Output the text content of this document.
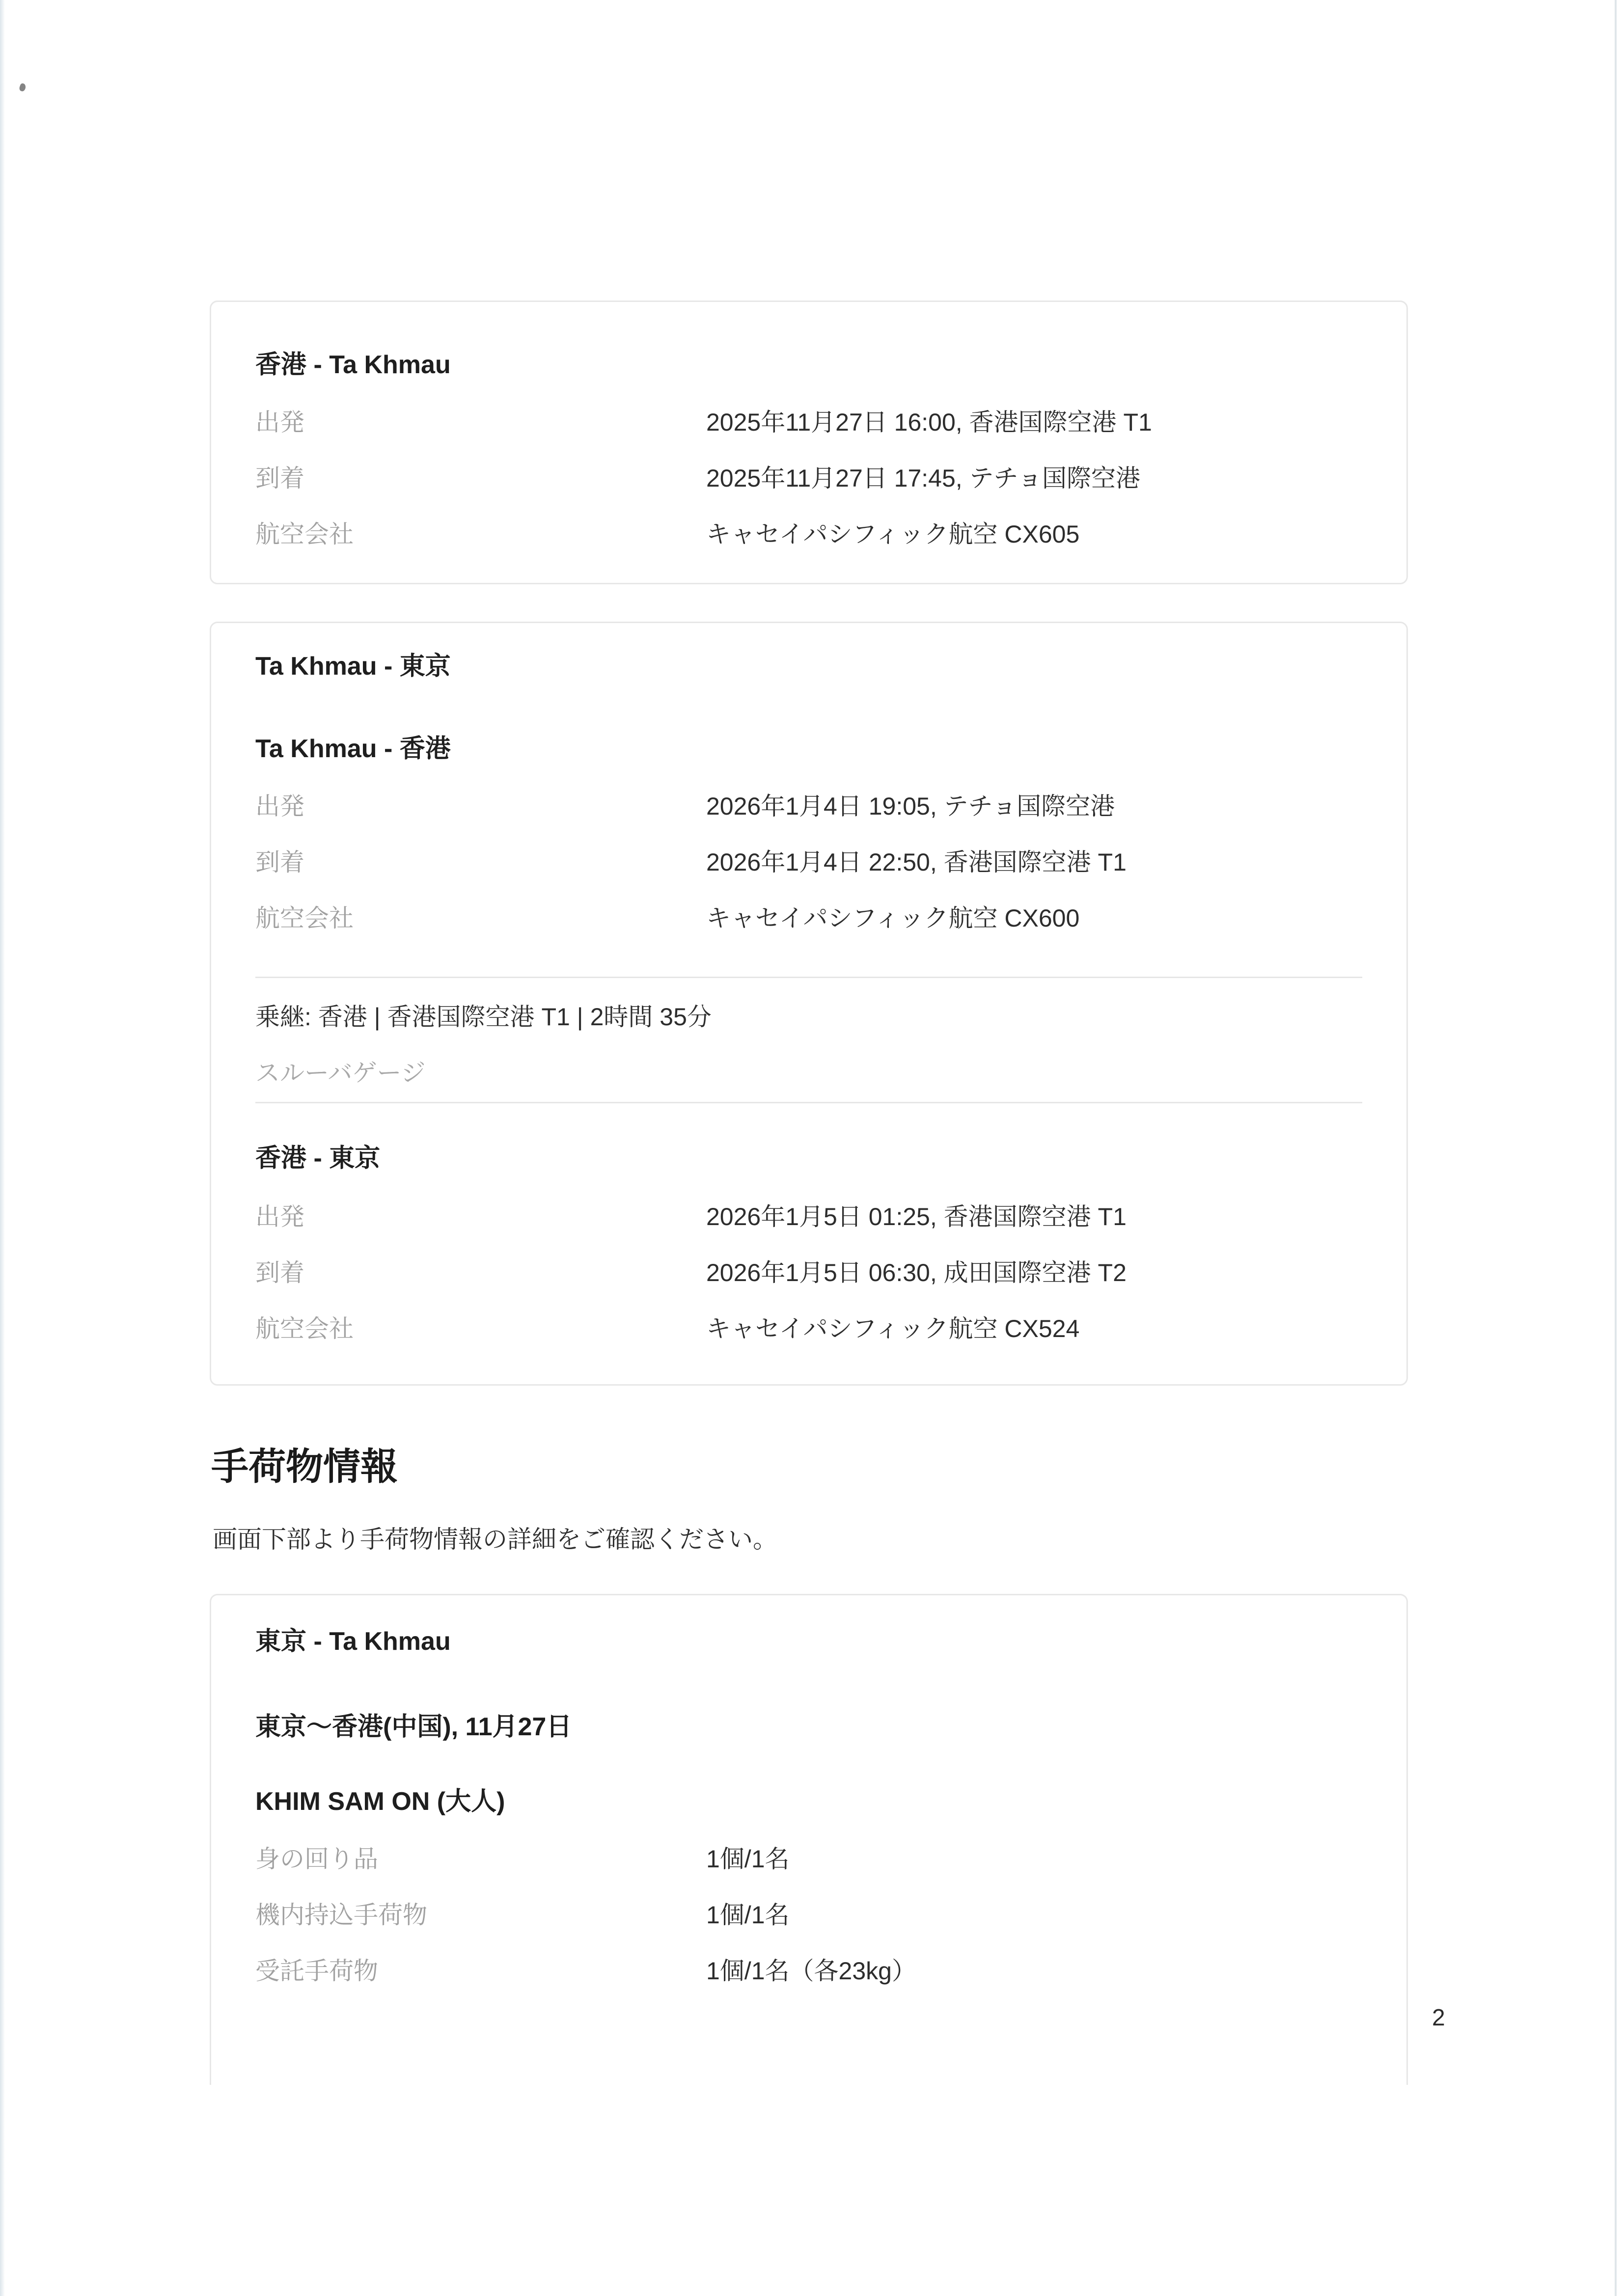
香港 - Ta Khmau
出発	2025年11月27日 16:00, 香港国際空港 T1
到着	2025年11月27日 17:45, テチョ国際空港
航空会社	キャセイパシフィック航空 CX605
Ta Khmau - 東京
Ta Khmau - 香港
出発	2026年1月4日 19:05, テチョ国際空港
到着	2026年1月4日 22:50, 香港国際空港 T1
航空会社	キャセイパシフィック航空 CX600
乗継: 香港 | 香港国際空港 T1 | 2時間 35分
スルーバゲージ
香港 - 東京
出発	2026年1月5日 01:25, 香港国際空港 T1
到着	2026年1月5日 06:30, 成田国際空港 T2
航空会社	キャセイパシフィック航空 CX524
手荷物情報
画面下部より手荷物情報の詳細をご確認ください。
東京 - Ta Khmau
東京〜香港(中国), 11月27日
KHIM SAM ON (大人)
身の回り品	1個/1名
機内持込手荷物	1個/1名
受託手荷物	1個/1名（各23kg）
2
